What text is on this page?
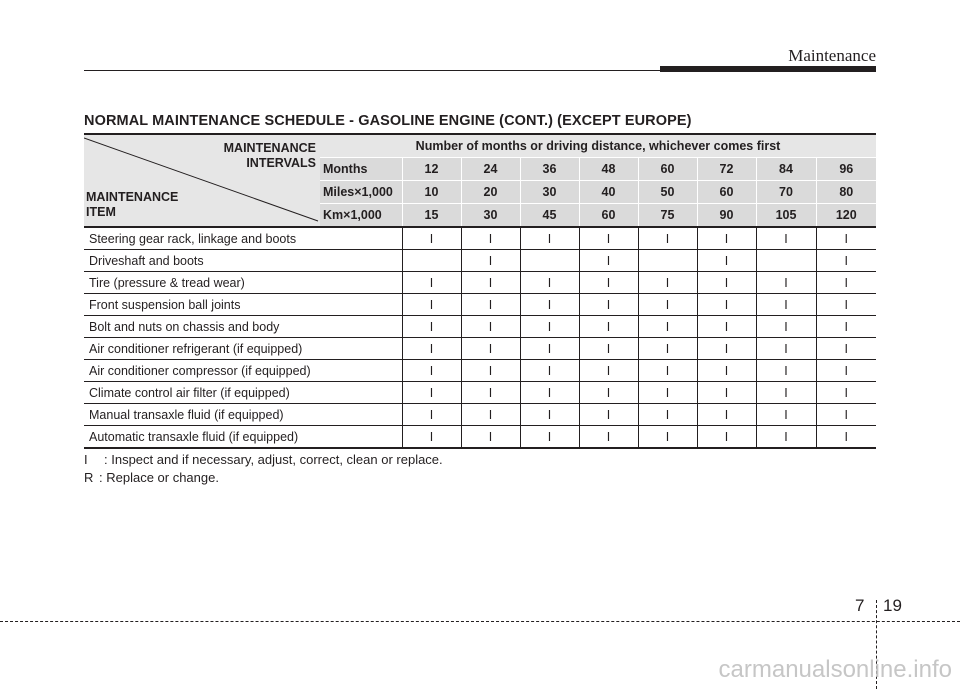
Maintenance
NORMAL MAINTENANCE SCHEDULE - GASOLINE ENGINE (CONT.) (EXCEPT EUROPE)
MAINTENANCE
INTERVALS
MAINTENANCE
ITEM	Number of months or driving distance, whichever comes first								
	Months	12	24	36	48	60	72	84	96
	Miles×1,000	10	20	30	40	50	60	70	80
	Km×1,000	15	30	45	60	75	90	105	120
Steering gear rack, linkage and boots		I	I	I	I	I	I	I	I
Driveshaft and boots			I		I		I		I
Tire (pressure & tread wear)		I	I	I	I	I	I	I	I
Front suspension ball joints		I	I	I	I	I	I	I	I
Bolt and nuts on chassis and body		I	I	I	I	I	I	I	I
Air conditioner refrigerant (if equipped)		I	I	I	I	I	I	I	I
Air conditioner compressor (if equipped)		I	I	I	I	I	I	I	I
Climate control air filter (if equipped)		I	I	I	I	I	I	I	I
Manual transaxle fluid (if equipped)		I	I	I	I	I	I	I	I
Automatic transaxle fluid (if equipped)		I	I	I	I	I	I	I	I
I : Inspect and if necessary, adjust, correct, clean or replace.
R : Replace or change.
7 19
carmanualsonline.info
